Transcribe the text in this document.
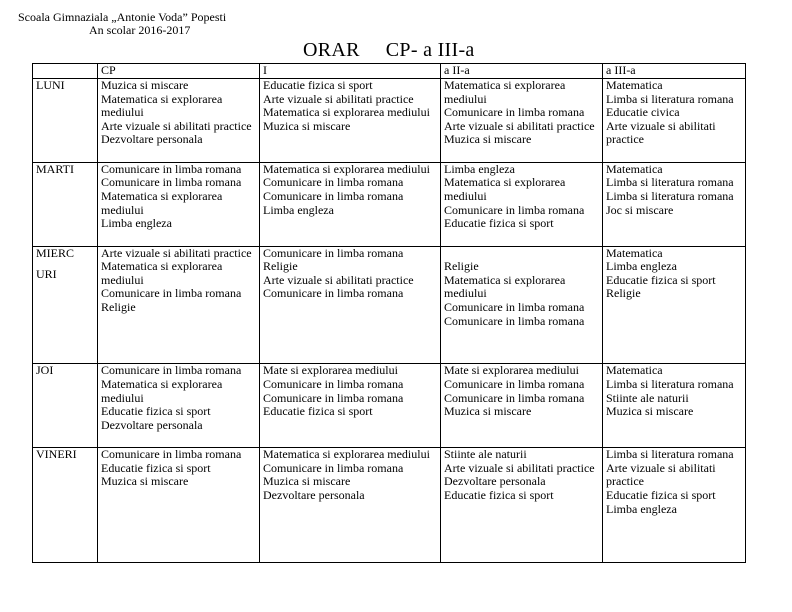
Scoala Gimnaziala „Antonie Voda” Popesti
An scolar 2016-2017
ORAR CP- a III-a
	CP	I	a II-a	a III-a
LUNI	Muzica si miscare
Matematica si explorarea
mediului
Arte vizuale si abilitati practice
Dezvoltare personala	Educatie fizica si sport
Arte vizuale si abilitati practice
Matematica si explorarea mediului
Muzica si miscare	Matematica si explorarea
mediului
Comunicare in limba romana
Arte vizuale si abilitati practice
Muzica si miscare	Matematica
Limba si literatura romana
Educatie civica
Arte vizuale si abilitati
practice

MARTI	Comunicare in limba romana
Comunicare in limba romana
Matematica si explorarea
mediului
Limba engleza	Matematica si explorarea mediului
Comunicare in limba romana
Comunicare in limba romana
Limba engleza	Limba engleza
Matematica si explorarea
mediului
Comunicare in limba romana
Educatie fizica si sport	Matematica
Limba si literatura romana
Limba si literatura romana
Joc si miscare

MIERC
URI	Arte vizuale si abilitati practice
Matematica si explorarea
mediului
Comunicare in limba romana
Religie	Comunicare in limba romana
Religie
Arte vizuale si abilitati practice
Comunicare in limba romana	Religie
Matematica si explorarea
mediului
Comunicare in limba romana
Comunicare in limba romana	Matematica
Limba engleza
Educatie fizica si sport
Religie

JOI	Comunicare in limba romana
Matematica si explorarea
mediului
Educatie fizica si sport
Dezvoltare personala	Mate si explorarea mediului
Comunicare in limba romana
Comunicare in limba romana
Educatie fizica si sport	Mate si explorarea mediului
Comunicare in limba romana
Comunicare in limba romana
Muzica si miscare	Matematica
Limba si literatura romana
Stiinte ale naturii
Muzica si miscare

VINERI	Comunicare in limba romana
Educatie fizica si sport
Muzica si miscare	Matematica si explorarea mediului
Comunicare in limba romana
Muzica si miscare
Dezvoltare personala	Stiinte ale naturii
Arte vizuale si abilitati practice
Dezvoltare personala
Educatie fizica si sport	Limba si literatura romana
Arte vizuale si abilitati
practice
Educatie fizica si sport
Limba engleza
